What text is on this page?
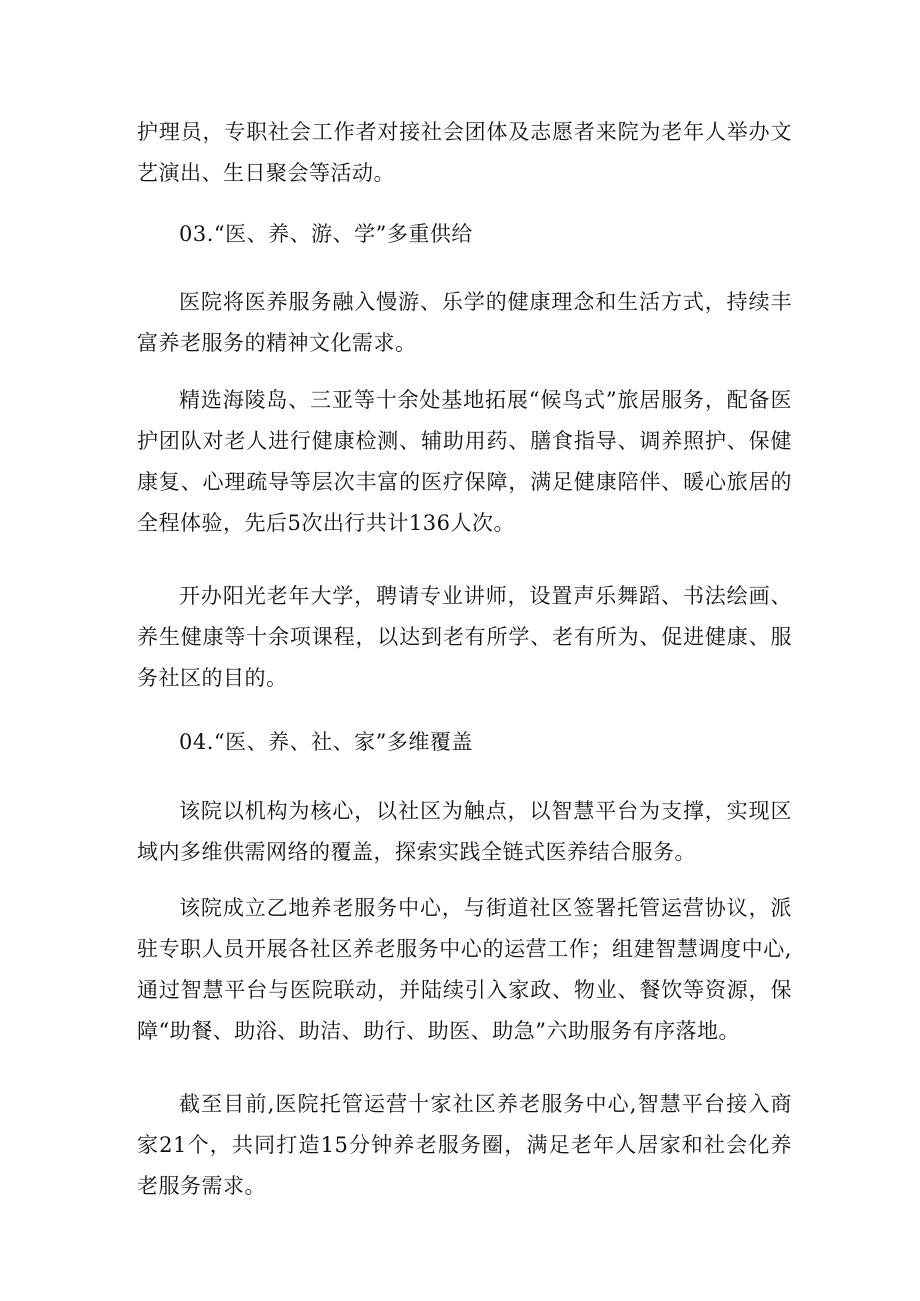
护理员，专职社会工作者对接社会团体及志愿者来院为老年人举办文艺演出、生日聚会等活动。

03.“医、养、游、学”多重供给

医院将医养服务融入慢游、乐学的健康理念和生活方式，持续丰富养老服务的精神文化需求。

精选海陵岛、三亚等十余处基地拓展“候鸟式”旅居服务，配备医护团队对老人进行健康检测、辅助用药、膳食指导、调养照护、保健康复、心理疏导等层次丰富的医疗保障，满足健康陪伴、暖心旅居的全程体验，先后5次出行共计136人次。

开办阳光老年大学，聘请专业讲师，设置声乐舞蹈、书法绘画、养生健康等十余项课程，以达到老有所学、老有所为、促进健康、服务社区的目的。

04.“医、养、社、家”多维覆盖

该院以机构为核心，以社区为触点，以智慧平台为支撑，实现区域内多维供需网络的覆盖，探索实践全链式医养结合服务。

该院成立乙地养老服务中心，与街道社区签署托管运营协议，派驻专职人员开展各社区养老服务中心的运营工作；组建智慧调度中心,通过智慧平台与医院联动，并陆续引入家政、物业、餐饮等资源，保障“助餐、助浴、助洁、助行、助医、助急”六助服务有序落地。

截至目前,医院托管运营十家社区养老服务中心,智慧平台接入商家21个，共同打造15分钟养老服务圈，满足老年人居家和社会化养老服务需求。
